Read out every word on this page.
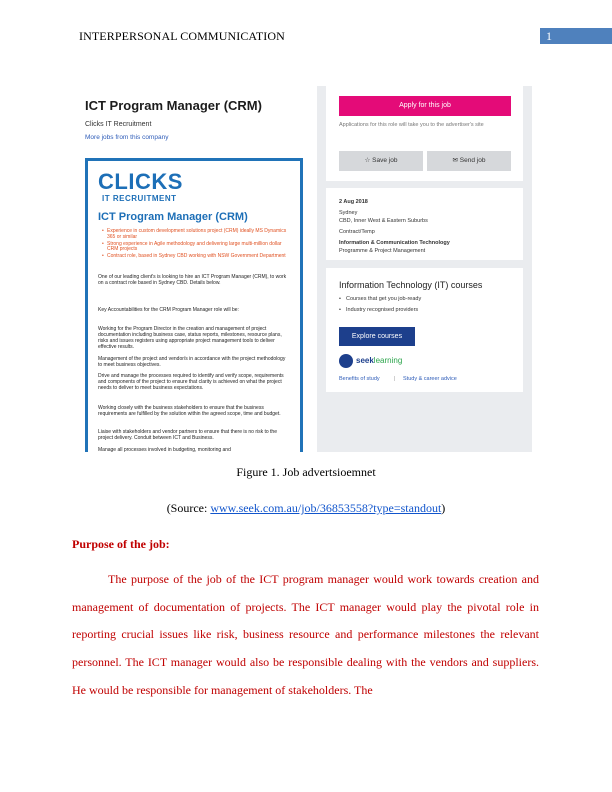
INTERPERSONAL COMMUNICATION	1
ICT Program Manager (CRM)
Clicks IT Recruitment
More jobs from this company
CLICKS
IT RECRUITMENT
ICT Program Manager (CRM)
• Experience in custom development solutions project (CRM) ideally MS Dynamics 365 or similar
• Strong experience in Agile methodology and delivering large multi-million dollar CRM projects
• Contract role, based in Sydney CBD working with NSW Government Department

One of our leading client's is looking to hire an ICT Program Manager (CRM), to work on a contract role based in Sydney CBD. Details below.

Key Accountabilities for the CRM Program Manager role will be:

Working for the Program Director in the creation and management of project documentation including business case, status reports, milestones, resource plans, risks and issues registers using appropriate project management tools to deliver effective results.

Management of the project and vendor/s in accordance with the project methodology to meet business objectives.

Drive and manage the processes required to identify and verify scope, requirements and components of the project to ensure that clarity is achieved on what the project needs to deliver to meet business expectations.

Working closely with the business stakeholders to ensure that the business requirements are fulfilled by the solution within the agreed scope, time and budget.

Liaise with stakeholders and vendor partners to ensure that there is no risk to the project delivery. Conduit between ICT and Business.

Manage all processes involved in budgeting, monitoring and

Apply for this job
Applications for this role will take you to the advertiser's site
☆ Save job	✉ Send job
2 Aug 2018
Sydney
CBD, Inner West & Eastern Suburbs
Contract/Temp
Information & Communication Technology
Programme & Project Management
Information Technology (IT) courses
• Courses that get you job-ready
• Industry recognised providers
Explore courses
seeklearning
Benefits of study	| Study & career advice
Figure 1. Job advertsioemnet
(Source: www.seek.com.au/job/36853558?type=standout)
Purpose of the job:

The purpose of the job of the ICT program manager would work towards creation and management of documentation of projects. The ICT manager would play the pivotal role in reporting crucial issues like risk, business resource and performance milestones the relevant personnel. The ICT manager would also be responsible dealing with the vendors and suppliers. He would be responsible for management of stakeholders. The
